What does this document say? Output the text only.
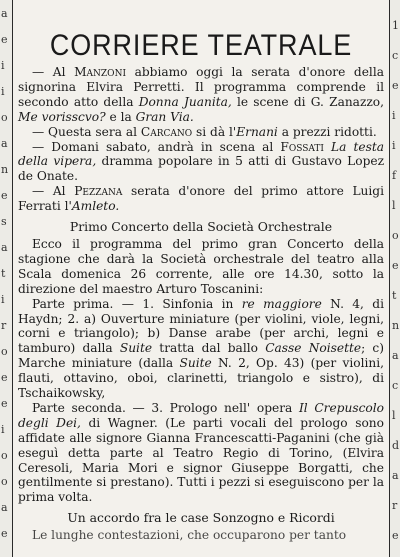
a
e
i
i
o
a
n
e
s
a
t
i
r
o
e
e
i
o
o
a
e
1
c
e
i
i
f
l
o
e
t
n
a
c
l
d
a
r
e
CORRIERE TEATRALE

— Al Manzoni abbiamo oggi la serata d'onore della signorina Elvira Perretti. Il programma comprende il secondo atto della Donna Juanita, le scene di G. Zanazzo, Me vorisscvo? e la Gran Via.

— Questa sera al Carcano si dà l'Ernani a prezzi ridotti.

— Domani sabato, andrà in scena al Fossati La testa della vipera, dramma popolare in 5 atti di Gustavo Lopez de Onate.

— Al Pezzana serata d'onore del primo attore Luigi Ferrati l'Amleto.

Primo Concerto della Società Orchestrale

Ecco il programma del primo gran Concerto della stagione che darà la Società orchestrale del teatro alla Scala domenica 26 corrente, alle ore 14.30, sotto la direzione del maestro Arturo Toscanini:

Parte prima. — 1. Sinfonia in re maggiore N. 4, di Haydn; 2. a) Ouverture miniature (per violini, viole, legni, corni e triangolo); b) Danse arabe (per archi, legni e tamburo) dalla Suite tratta dal ballo Casse Noisette; c) Marche miniature (dalla Suite N. 2, Op. 43) (per violini, flauti, ottavino, oboi, clarinetti, triangolo e sistro), di Tschaikowsky,

Parte seconda. — 3. Prologo nell' opera Il Crepuscolo degli Dei, di Wagner. (Le parti vocali del prologo sono affidate alle signore Gianna Francescatti-Paganini (che già eseguì detta parte al Teatro Regio di Torino, (Elvira Ceresoli, Maria Mori e signor Giuseppe Borgatti, che gentilmente si prestano). Tutti i pezzi si eseguiscono per la prima volta.

Un accordo fra le case Sonzogno e Ricordi

Le lunghe contestazioni, che occuparono per tanto
